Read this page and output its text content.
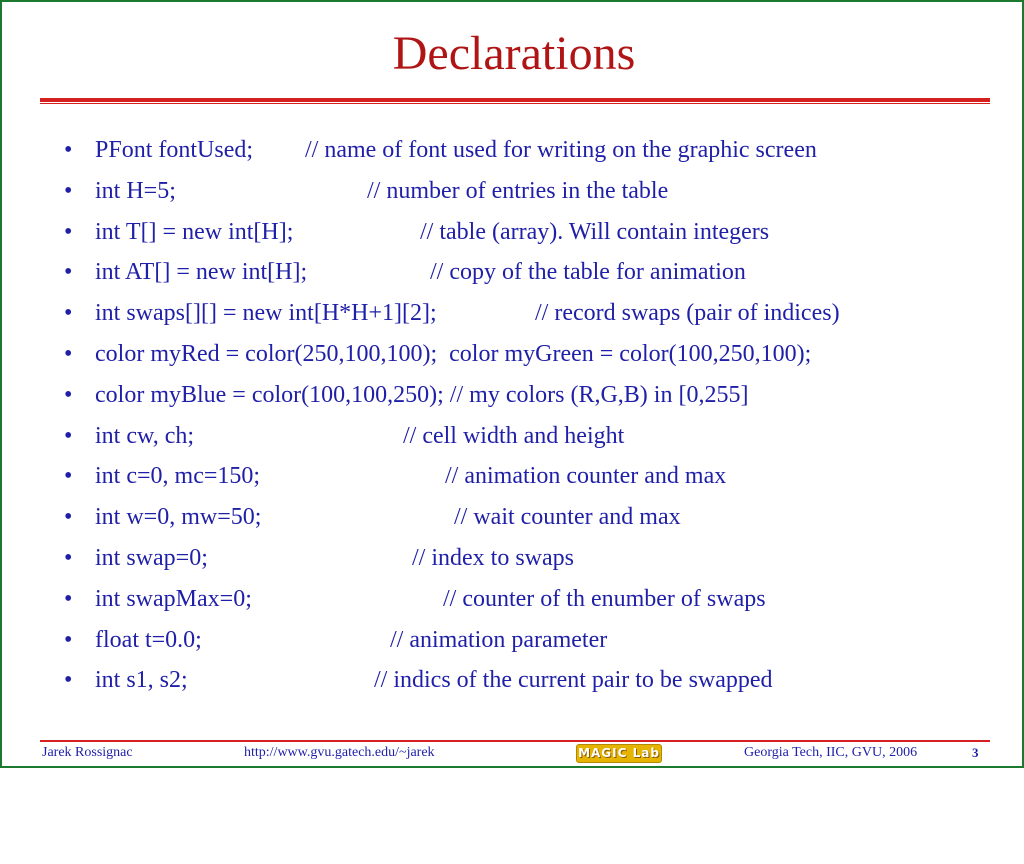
Declarations

•

PFont fontUsed;

// name of font used for writing on the graphic screen

•

int H=5;

	// number of entries in the table

•

int T[] = new int[H];

	// table (array). Will contain integers

•

int AT[] = new int[H];

	// copy of the table for animation

•

int swaps[][] = new int[H*H+1][2];

	// record swaps (pair of indices)

•

color myRed = color(250,100,100);  color myGreen = color(100,250,100);

•

color myBlue = color(100,100,250); // my colors (R,G,B) in [0,255]

•

int cw, ch;

	// cell width and height

•

int c=0, mc=150;

	// animation counter and max

•

int w=0, mw=50;

	// wait counter and max

•

int swap=0;

	// index to swaps

•

int swapMax=0;

	// counter of th enumber of swaps

•

float t=0.0;

	// animation parameter

•

int s1, s2;

	// indics of the current pair to be swapped

Jarek Rossignac	http://www.gvu.gatech.edu/~jarek	MAGIC Lab	Georgia Tech, IIC, GVU, 2006	3
